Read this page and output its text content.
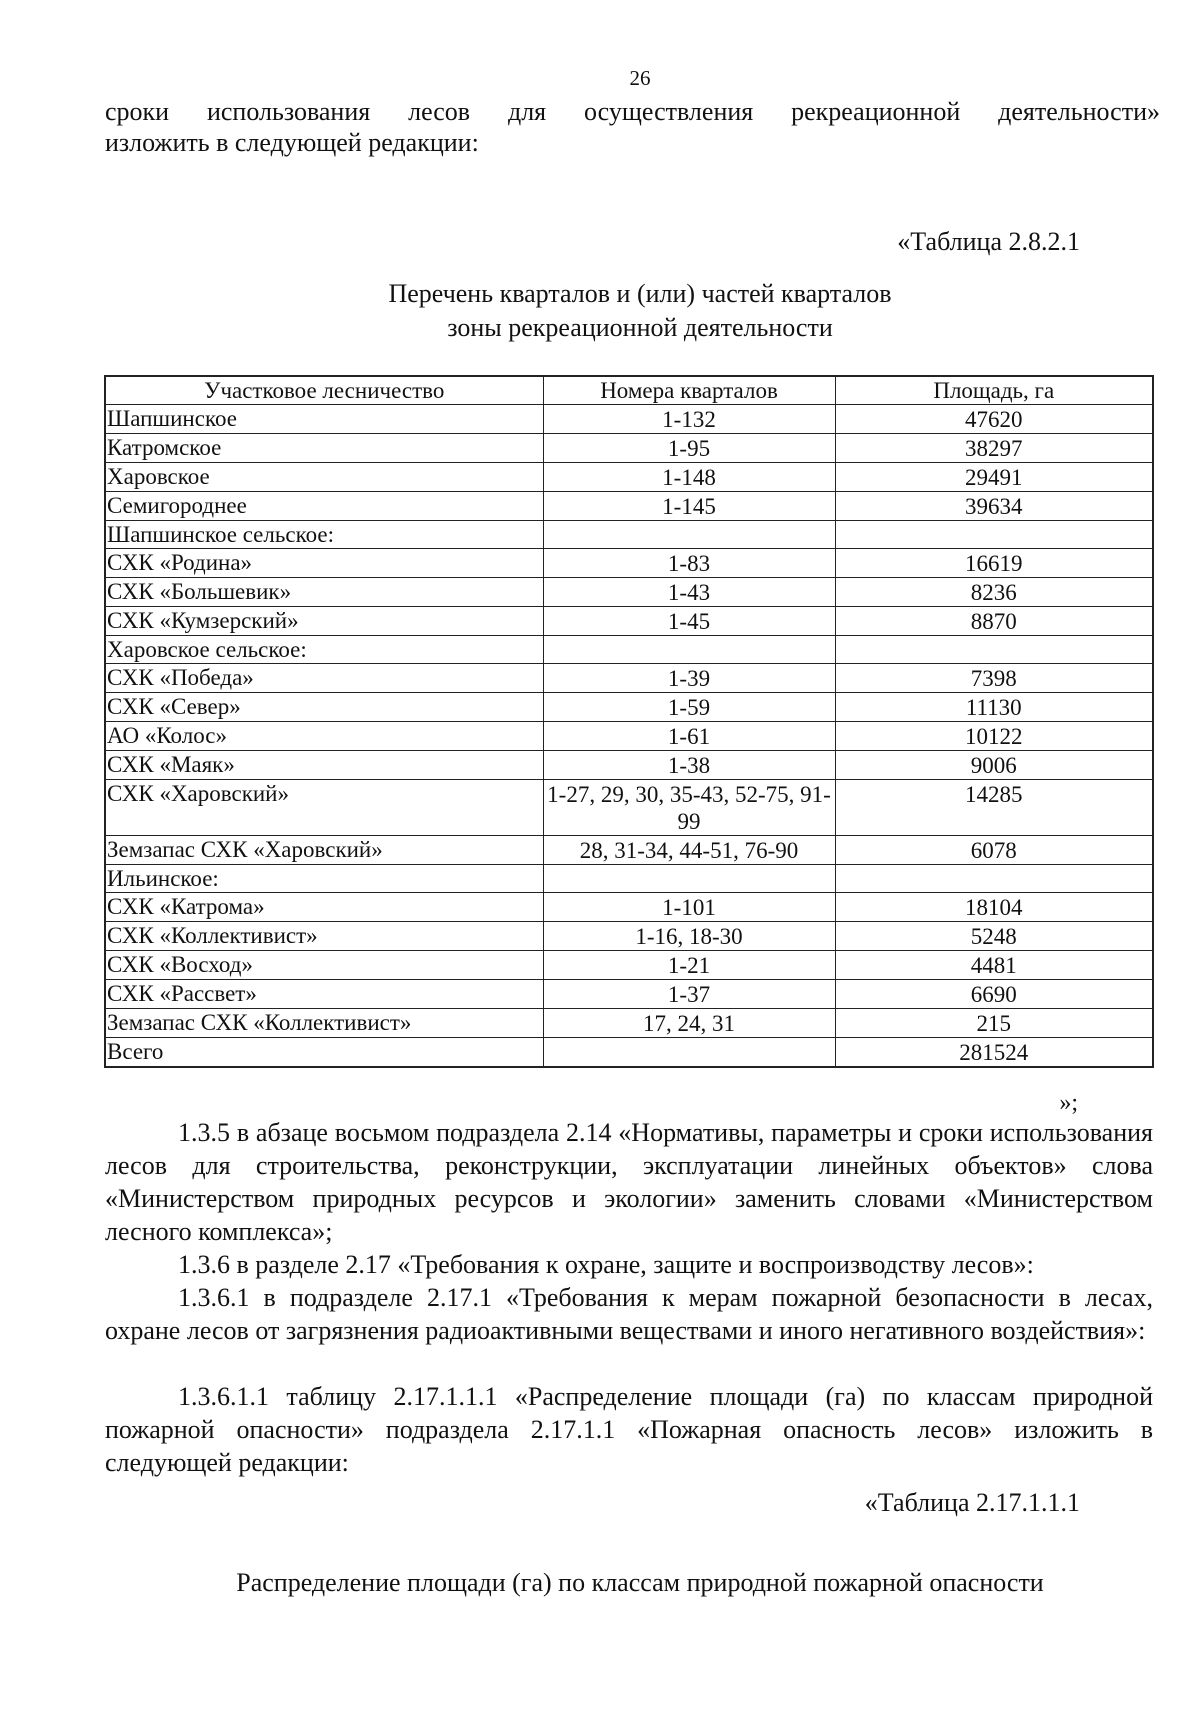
26

сроки использования лесов для осуществления рекреационной деятельности»

изложить в следующей редакции:

«Таблица 2.8.2.1
Перечень кварталов и (или) частей кварталов
зоны рекреационной деятельности
Участковое лесничество	Номера кварталов	Площадь, га
Шапшинское	1-132	47620
Катромское	1-95	38297
Харовское	1-148	29491
Семигороднее	1-145	39634
Шапшинское сельское:		
СХК «Родина»	1-83	16619
СХК «Большевик»	1-43	8236
СХК «Кумзерский»	1-45	8870
Харовское сельское:		
СХК «Победа»	1-39	7398
СХК «Север»	1-59	11130
АО «Колос»	1-61	10122
СХК «Маяк»	1-38	9006
СХК «Харовский»	1-27, 29, 30, 35-43, 52-75, 91-99	14285
Земзапас СХК «Харовский»	28, 31-34, 44-51, 76-90	6078
Ильинское:		
СХК «Катрома»	1-101	18104
СХК «Коллективист»	1-16, 18-30	5248
СХК «Восход»	1-21	4481
СХК «Рассвет»	1-37	6690
Земзапас СХК «Коллективист»	17, 24, 31	215
Всего		281524
»;

1.3.5 в абзаце восьмом подраздела 2.14 «Нормативы, параметры и сроки использования лесов для строительства, реконструкции, эксплуатации линейных объектов» слова «Министерством природных ресурсов и экологии» заменить словами «Министерством лесного комплекса»;

1.3.6 в разделе 2.17 «Требования к охране, защите и воспроизводству лесов»:

1.3.6.1 в подразделе 2.17.1 «Требования к мерам пожарной безопасности в лесах, охране лесов от загрязнения радиоактивными веществами и иного негативного воздействия»:

1.3.6.1.1 таблицу 2.17.1.1.1 «Распределение площади (га) по классам природной пожарной опасности» подраздела 2.17.1.1 «Пожарная опасность лесов» изложить в следующей редакции:

«Таблица 2.17.1.1.1
Распределение площади (га) по классам природной пожарной опасности
